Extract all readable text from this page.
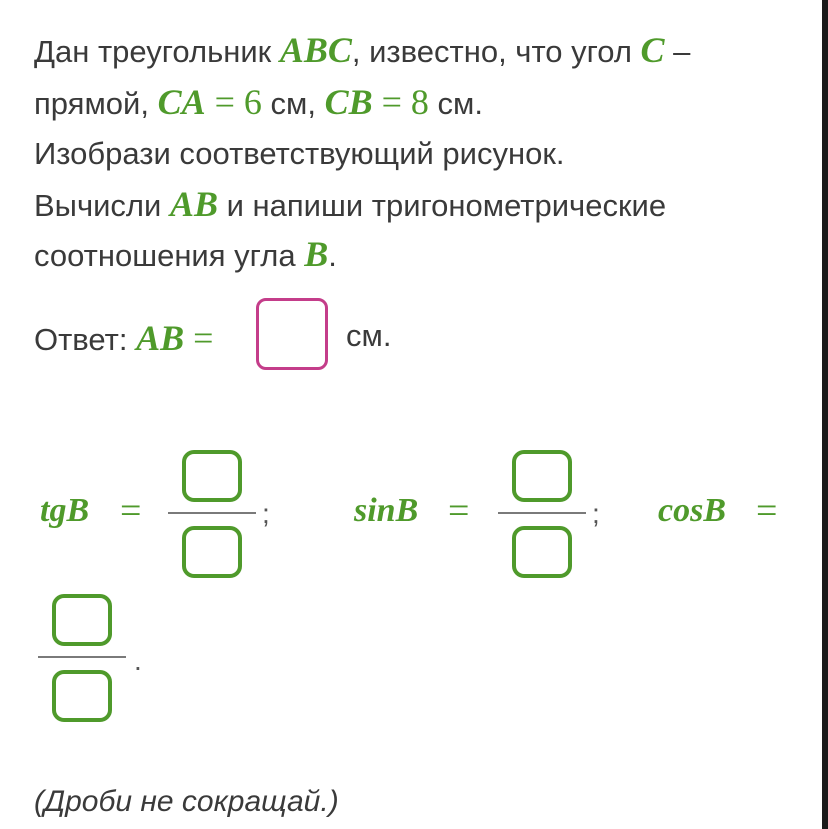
Дан треугольник ABC, известно, что угол C –
прямой, CA = 6 см, CB = 8 см.
Изобрази соответствующий рисунок.
Вычисли AB и напиши тригонометрические
соотношения угла B.
Ответ: AB =	см.
tgB =	; sinB =	; cosB =
.
(Дроби не сокращай.)
